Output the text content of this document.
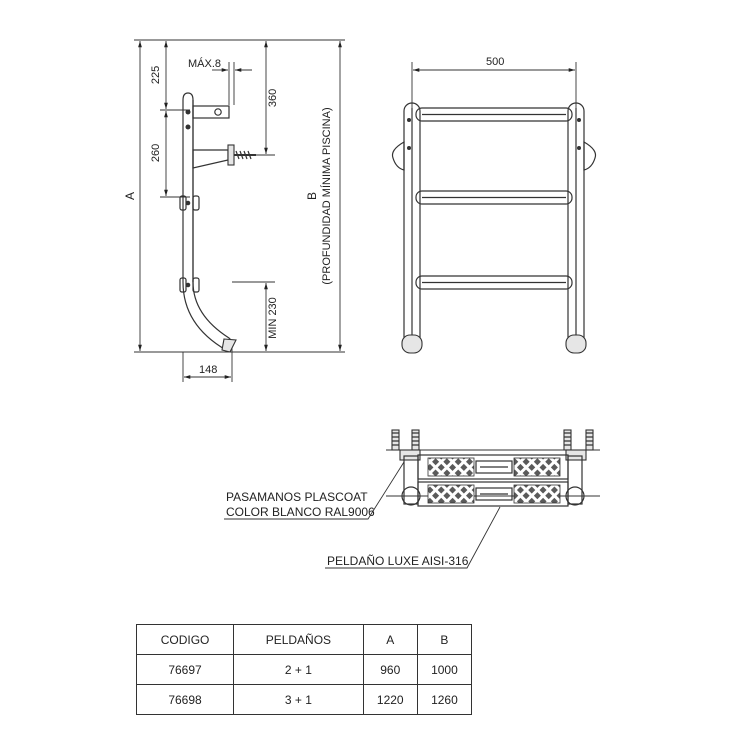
A
225
260
MÁX.8
360
MIN 230
B (PROFUNDIDAD MÍNIMA PISCINA)
148
500
PASAMANOS PLASCOAT
COLOR BLANCO RAL9006
PELDAÑO LUXE AISI-316
CODIGO	PELDAÑOS	A	B
76697	2 + 1	960	1000
76698	3 + 1	1220	1260
